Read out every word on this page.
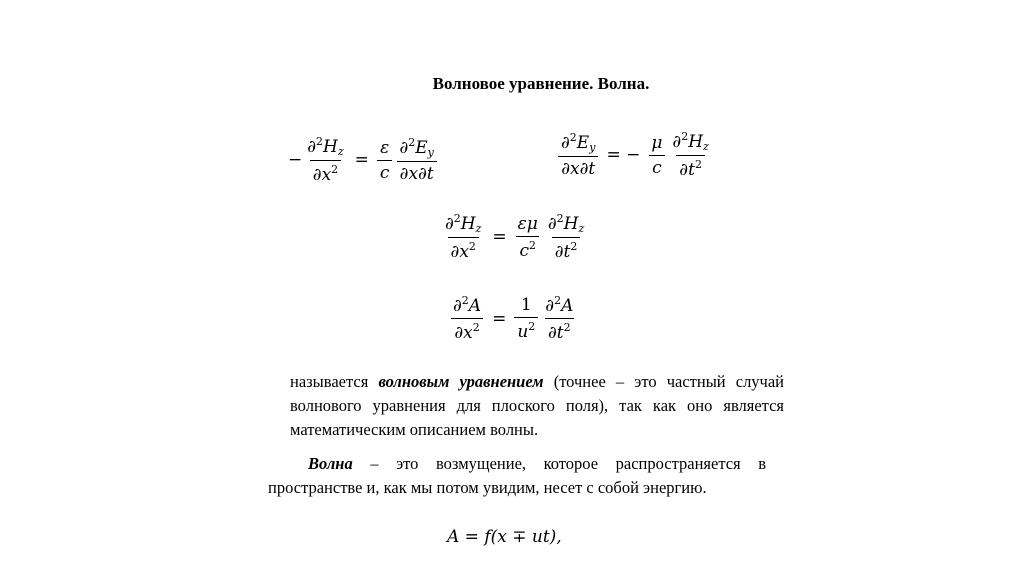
Волновое уравнение. Волна.
− $\frac{\partial^2H_z}{\partial x^2} = \frac{\varepsilon}{c} \frac{\partial^2E_y}{\partial x\partial t}$	$\frac{\partial^2E_y}{\partial x\partial t}$ = − $\frac{\mu}{c} \frac{\partial^2H_z}{\partial t^2}$
$\frac{\partial^2H_z}{\partial x^2} = \frac{\varepsilon\mu}{c^2} \frac{\partial^2H_z}{\partial t^2}$
$\frac{\partial^2A}{\partial x^2} = \frac{1}{u^2} \frac{\partial^2A}{\partial t^2}$
называется волновым уравнением (точнее – это частный случай волнового уравнения для плоского поля), так как оно является математическим описанием волны.
Волна – это возмущение, которое распространяется в пространстве и, как мы потом увидим, несет с собой энергию.
A = f(x ∓ ut),
